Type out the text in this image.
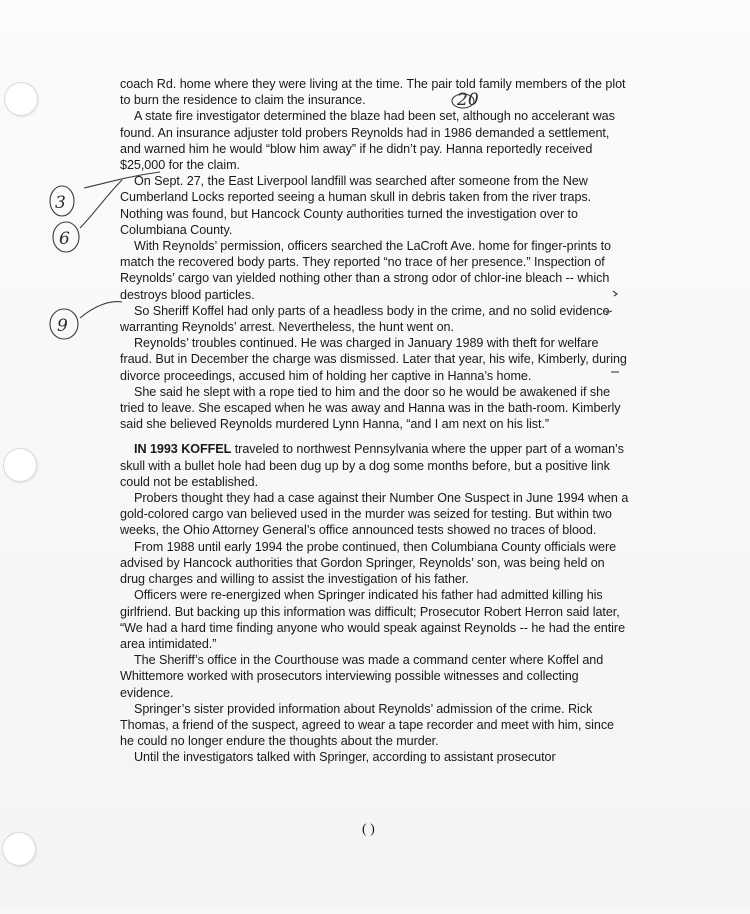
coach Rd. home where they were living at the time. The pair told family members of the plot to burn the residence to claim the insurance.

A state fire investigator determined the blaze had been set, although no accelerant was found. An insurance adjuster told probers Reynolds had in 1986 demanded a settlement, and warned him he would “blow him away” if he didn’t pay. Hanna reportedly received $25,000 for the claim.

On Sept. 27, the East Liverpool landfill was searched after someone from the New Cumberland Locks reported seeing a human skull in debris taken from the river traps. Nothing was found, but Hancock County authorities turned the investigation over to Columbiana County.

With Reynolds’ permission, officers searched the LaCroft Ave. home for finger-prints to match the recovered body parts. They reported “no trace of her presence.” Inspection of Reynolds’ cargo van yielded nothing other than a strong odor of chlor-ine bleach -- which destroys blood particles.

So Sheriff Koffel had only parts of a headless body in the crime, and no solid evidence warranting Reynolds’ arrest. Nevertheless, the hunt went on.

Reynolds’ troubles continued. He was charged in January 1989 with theft for welfare fraud. But in December the charge was dismissed. Later that year, his wife, Kimberly, during divorce proceedings, accused him of holding her captive in Hanna’s home.

She said he slept with a rope tied to him and the door so he would be awakened if she tried to leave. She escaped when he was away and Hanna was in the bath-room. Kimberly said she believed Reynolds murdered Lynn Hanna, “and I am next on his list.”

IN 1993 KOFFEL traveled to northwest Pennsylvania where the upper part of a woman’s skull with a bullet hole had been dug up by a dog some months before, but a positive link could not be established.

Probers thought they had a case against their Number One Suspect in June 1994 when a gold-colored cargo van believed used in the murder was seized for testing. But within two weeks, the Ohio Attorney General’s office announced tests showed no traces of blood.

From 1988 until early 1994 the probe continued, then Columbiana County officials were advised by Hancock authorities that Gordon Springer, Reynolds’ son, was being held on drug charges and willing to assist the investigation of his father.

Officers were re-energized when Springer indicated his father had admitted killing his girlfriend. But backing up this information was difficult; Prosecutor Robert Herron said later, “We had a hard time finding anyone who would speak against Reynolds -- he had the entire area intimidated.”

The Sheriff’s office in the Courthouse was made a command center where Koffel and Whittemore worked with prosecutors interviewing possible witnesses and collecting evidence.

Springer’s sister provided information about Reynolds’ admission of the crime. Rick Thomas, a friend of the suspect, agreed to wear a tape recorder and meet with him, since he could no longer endure the thoughts about the murder.

Until the investigators talked with Springer, according to assistant prosecutor

( )
20
3
6
9
